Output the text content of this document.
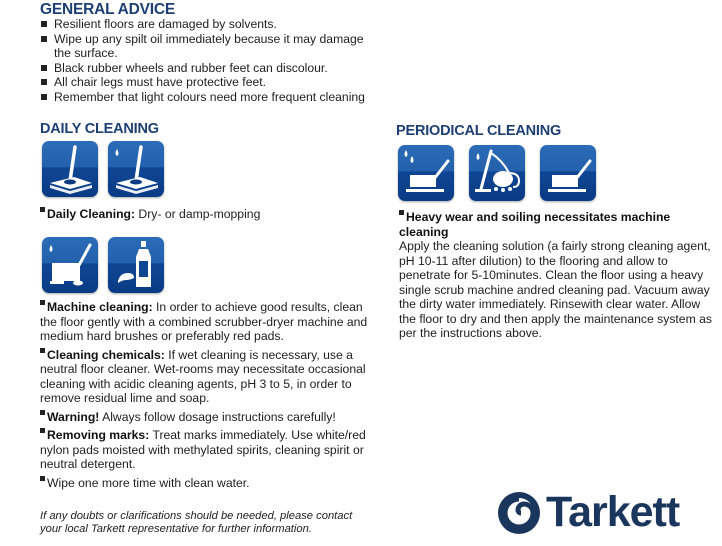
GENERAL ADVICE
Resilient floors are damaged by solvents.
Wipe up any spilt oil immediately because it may damage the surface.
Black rubber wheels and rubber feet can discolour.
All chair legs must have protective feet.
Remember that light colours need more frequent cleaning
DAILY CLEANING

Daily Cleaning: Dry- or damp-mopping

Machine cleaning: In order to achieve good results, clean the floor gently with a combined scrubber-dryer machine and medium hard brushes or preferably red pads.

Cleaning chemicals: If wet cleaning is necessary, use a neutral floor cleaner. Wet-rooms may necessitate occasional cleaning with acidic cleaning agents, pH 3 to 5, in order to remove residual lime and soap.

Warning! Always follow dosage instructions carefully!

Removing marks: Treat marks immediately. Use white/red nylon pads moisted with methylated spirits, cleaning spirit or neutral detergent.

Wipe one more time with clean water.

PERIODICAL CLEANING

Heavy wear and soiling necessitates machine cleaning

Apply the cleaning solution (a fairly strong cleaning agent, pH 10-11 after dilution) to the flooring and allow to penetrate for 5-10minutes. Clean the floor using a heavy single scrub machine andred cleaning pad. Vacuum away the dirty water immediately. Rinsewith clear water. Allow the floor to dry and then apply the maintenance system as per the instructions above.

If any doubts or clarifications should be needed, please contact
your local Tarkett representative for further information.	Tarkett
